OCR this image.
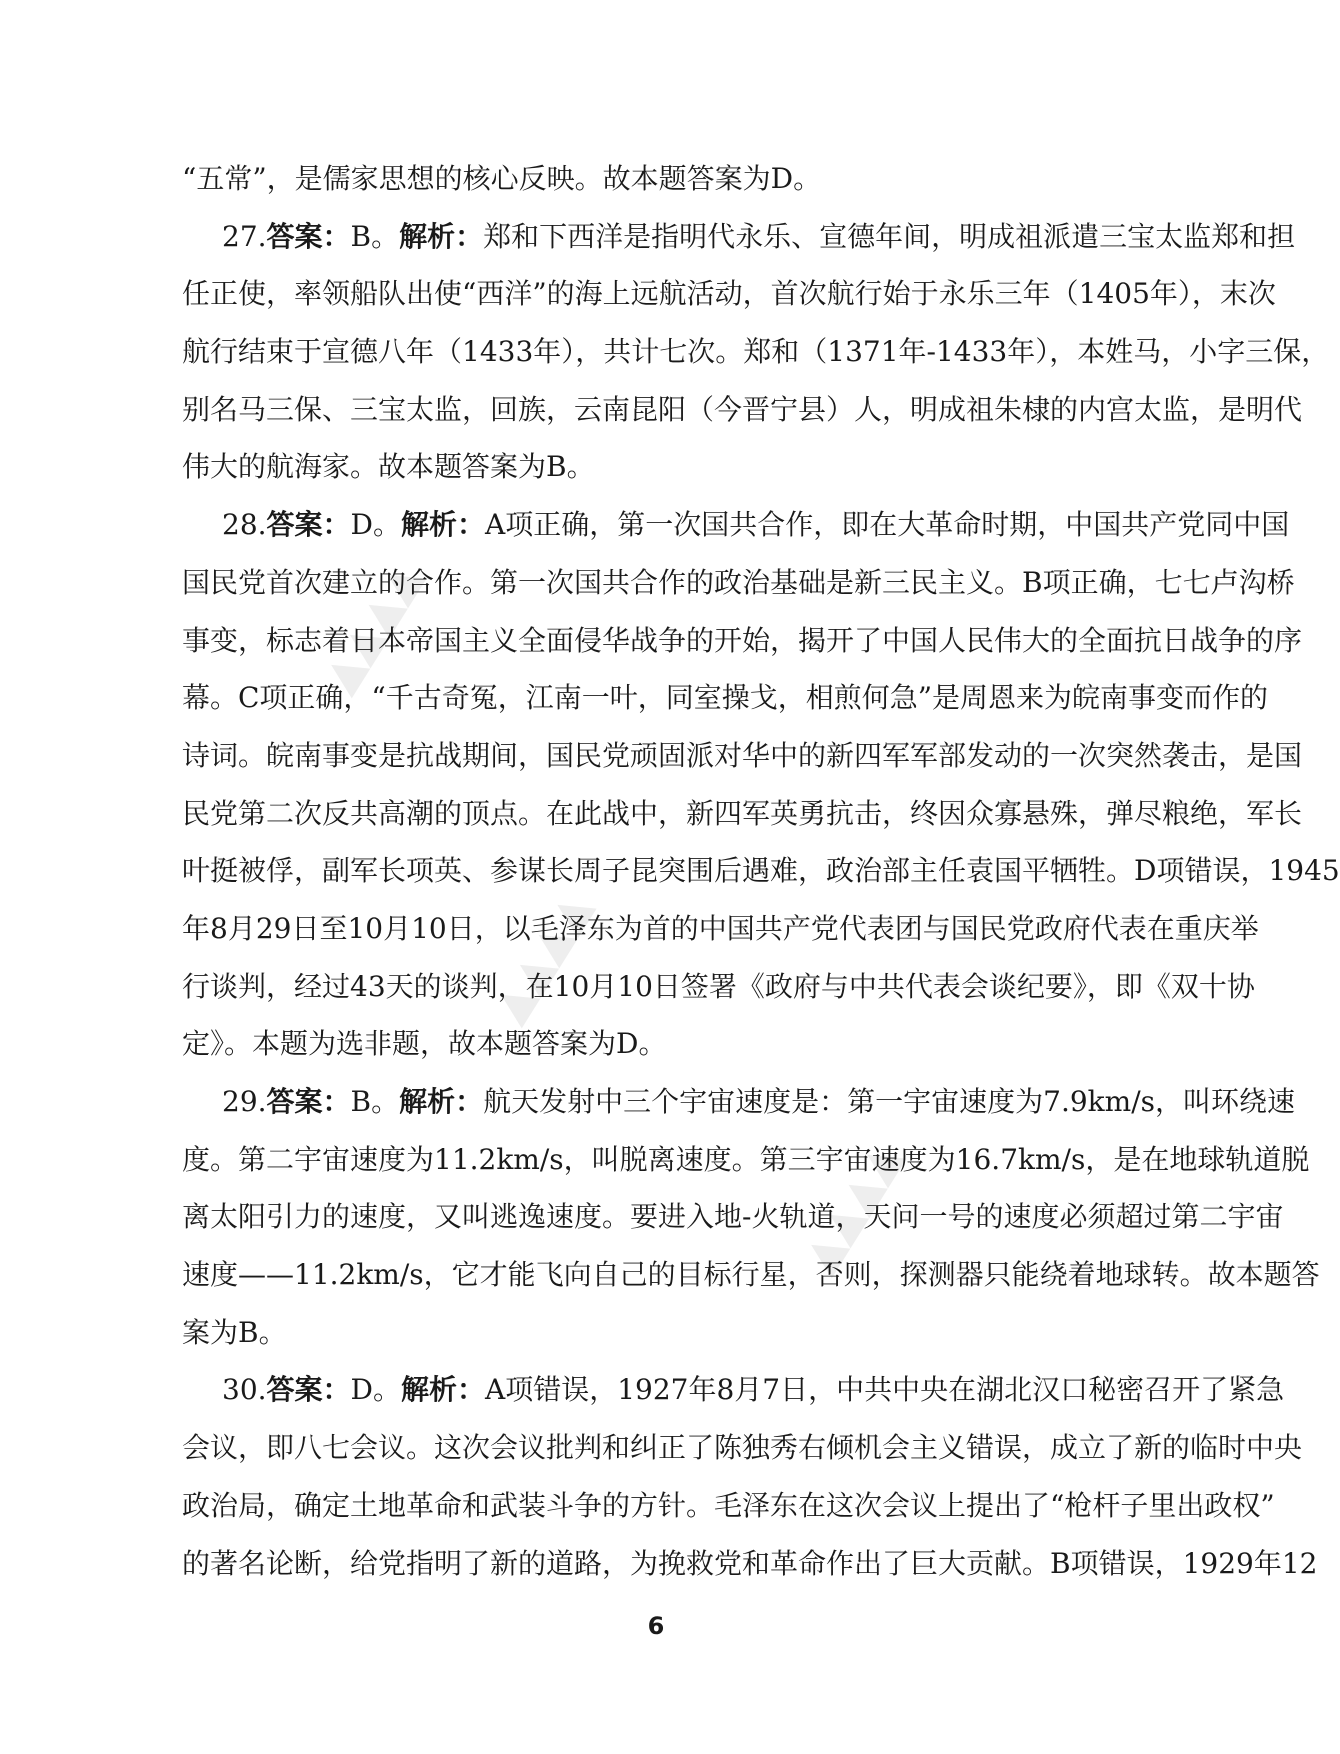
▲▲▲▲
▲▲▲▲
▲▲▲▲
“五常”，是儒家思想的核心反映。故本题答案为D。
27.答案：B。解析：郑和下西洋是指明代永乐、宣德年间，明成祖派遣三宝太监郑和担
任正使，率领船队出使“西洋”的海上远航活动，首次航行始于永乐三年（1405年），末次
航行结束于宣德八年（1433年），共计七次。郑和（1371年-1433年），本姓马，小字三保，
别名马三保、三宝太监，回族，云南昆阳（今晋宁县）人，明成祖朱棣的内宫太监，是明代
伟大的航海家。故本题答案为B。
28.答案：D。解析：A项正确，第一次国共合作，即在大革命时期，中国共产党同中国
国民党首次建立的合作。第一次国共合作的政治基础是新三民主义。B项正确，七七卢沟桥
事变，标志着日本帝国主义全面侵华战争的开始，揭开了中国人民伟大的全面抗日战争的序
幕。C项正确，“千古奇冤，江南一叶，同室操戈，相煎何急”是周恩来为皖南事变而作的
诗词。皖南事变是抗战期间，国民党顽固派对华中的新四军军部发动的一次突然袭击，是国
民党第二次反共高潮的顶点。在此战中，新四军英勇抗击，终因众寡悬殊，弹尽粮绝，军长
叶挺被俘，副军长项英、参谋长周子昆突围后遇难，政治部主任袁国平牺牲。D项错误，1945
年8月29日至10月10日，以毛泽东为首的中国共产党代表团与国民党政府代表在重庆举
行谈判，经过43天的谈判，在10月10日签署《政府与中共代表会谈纪要》，即《双十协
定》。本题为选非题，故本题答案为D。
29.答案：B。解析：航天发射中三个宇宙速度是：第一宇宙速度为7.9km/s，叫环绕速
度。第二宇宙速度为11.2km/s，叫脱离速度。第三宇宙速度为16.7km/s，是在地球轨道脱
离太阳引力的速度，又叫逃逸速度。要进入地-火轨道，天问一号的速度必须超过第二宇宙
速度——11.2km/s，它才能飞向自己的目标行星，否则，探测器只能绕着地球转。故本题答
案为B。
30.答案：D。解析：A项错误，1927年8月7日，中共中央在湖北汉口秘密召开了紧急
会议，即八七会议。这次会议批判和纠正了陈独秀右倾机会主义错误，成立了新的临时中央
政治局，确定土地革命和武装斗争的方针。毛泽东在这次会议上提出了“枪杆子里出政权”
的著名论断，给党指明了新的道路，为挽救党和革命作出了巨大贡献。B项错误，1929年12
6
